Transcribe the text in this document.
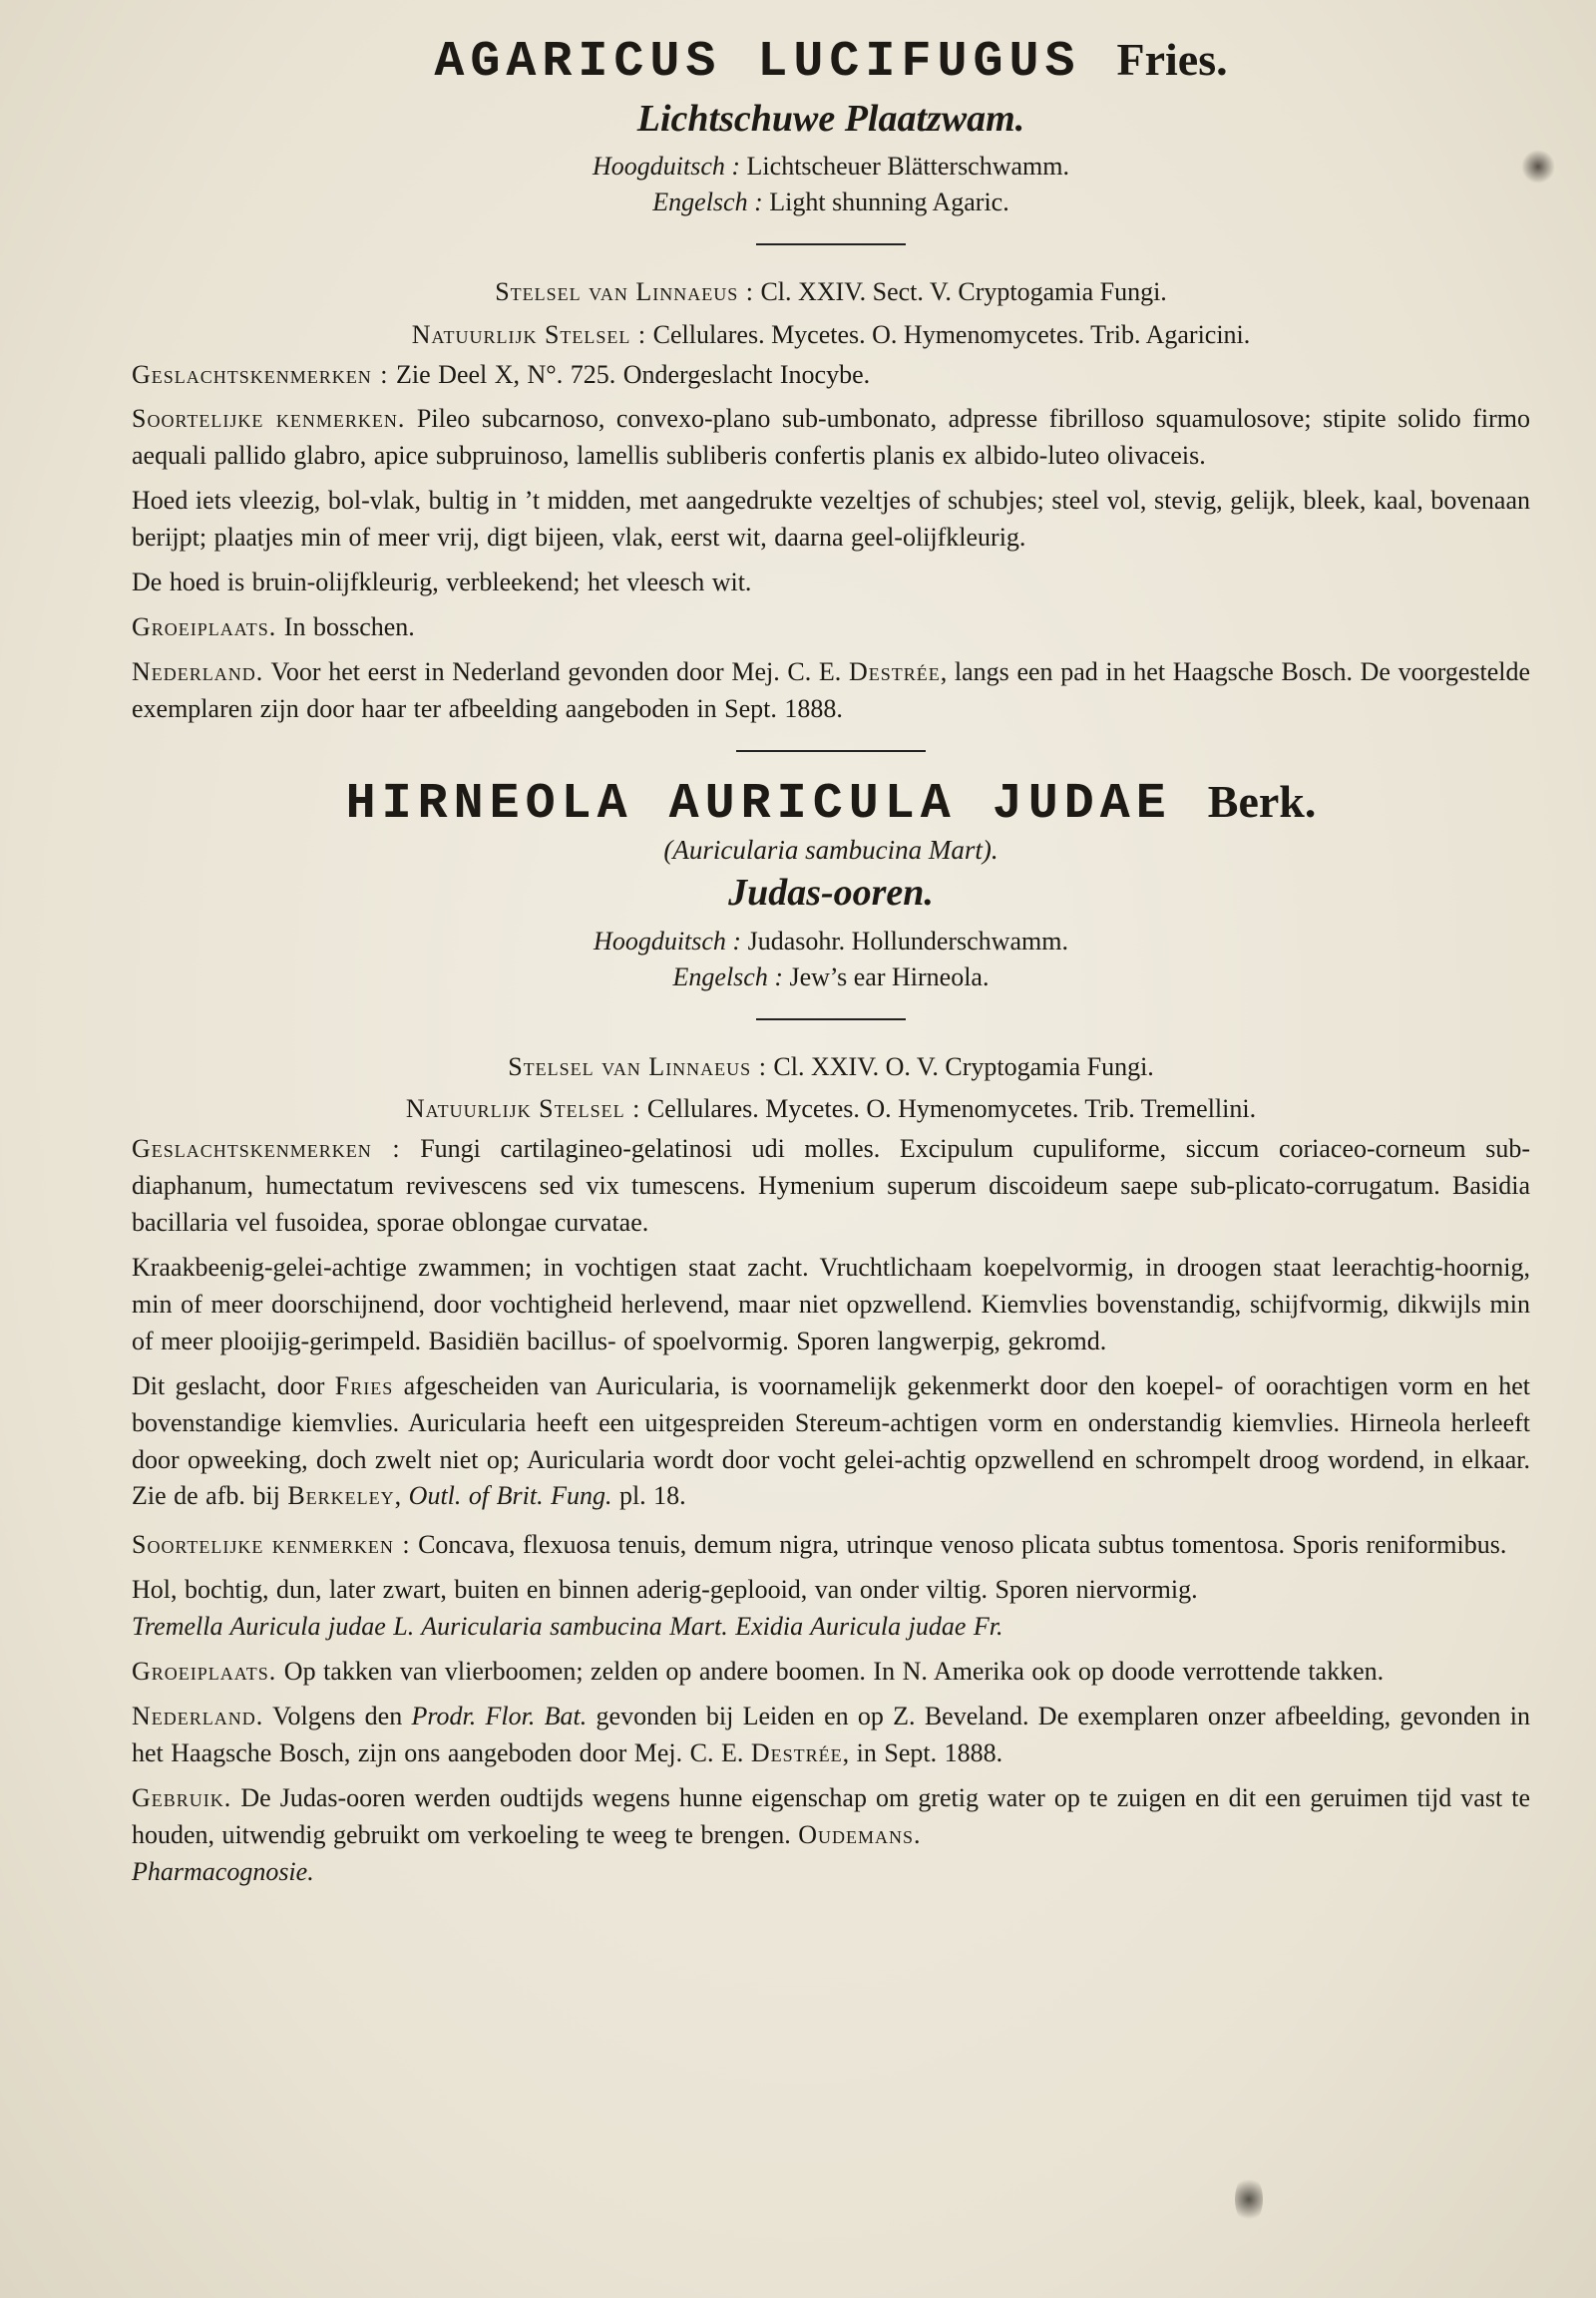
AGARICUS LUCIFUGUS Fries.
Lichtschuwe Plaatzwam.
Hoogduitsch : Lichtscheuer Blätterschwamm.
Engelsch : Light shunning Agaric.
Stelsel van Linnaeus : Cl. XXIV. Sect. V. Cryptogamia Fungi.
Natuurlijk Stelsel : Cellulares. Mycetes. O. Hymenomycetes. Trib. Agaricini.

Geslachtskenmerken : Zie Deel X, N°. 725. Ondergeslacht Inocybe.

Soortelijke kenmerken. Pileo subcarnoso, convexo-plano sub-umbonato, adpresse fibrilloso squamulosove; stipite solido firmo aequali pallido glabro, apice subpruinoso, lamellis subliberis confertis planis ex albido-luteo olivaceis.

Hoed iets vleezig, bol-vlak, bultig in ’t midden, met aangedrukte vezeltjes of schubjes; steel vol, stevig, gelijk, bleek, kaal, bovenaan berijpt; plaatjes min of meer vrij, digt bijeen, vlak, eerst wit, daarna geel-olijfkleurig.

De hoed is bruin-olijfkleurig, verbleekend; het vleesch wit.

Groeiplaats. In bosschen.

Nederland. Voor het eerst in Nederland gevonden door Mej. C. E. Destrée, langs een pad in het Haagsche Bosch. De voorgestelde exemplaren zijn door haar ter afbeelding aangeboden in Sept. 1888.

HIRNEOLA AURICULA JUDAE Berk.
(Auricularia sambucina Mart).
Judas-ooren.
Hoogduitsch : Judasohr. Hollunderschwamm.
Engelsch : Jew’s ear Hirneola.
Stelsel van Linnaeus : Cl. XXIV. O. V. Cryptogamia Fungi.
Natuurlijk Stelsel : Cellulares. Mycetes. O. Hymenomycetes. Trib. Tremellini.

Geslachtskenmerken : Fungi cartilagineo-gelatinosi udi molles. Excipulum cupuliforme, siccum coriaceo-corneum sub-diaphanum, humectatum revivescens sed vix tumescens. Hymenium superum discoideum saepe sub-plicato-corrugatum. Basidia bacillaria vel fusoidea, sporae oblongae curvatae.

Kraakbeenig-gelei-achtige zwammen; in vochtigen staat zacht. Vruchtlichaam koepelvormig, in droogen staat leerachtig-hoornig, min of meer doorschijnend, door vochtigheid herlevend, maar niet opzwellend. Kiemvlies bovenstandig, schijfvormig, dikwijls min of meer plooijig-gerimpeld. Basidiën bacillus- of spoelvormig. Sporen langwerpig, gekromd.

Dit geslacht, door Fries afgescheiden van Auricularia, is voornamelijk gekenmerkt door den koepel- of oorachtigen vorm en het bovenstandige kiemvlies. Auricularia heeft een uitgespreiden Stereum-achtigen vorm en onderstandig kiemvlies. Hirneola herleeft door opweeking, doch zwelt niet op; Auricularia wordt door vocht gelei-achtig opzwellend en schrompelt droog wordend, in elkaar. Zie de afb. bij Berkeley, Outl. of Brit. Fung. pl. 18.

Soortelijke kenmerken : Concava, flexuosa tenuis, demum nigra, utrinque venoso plicata subtus tomentosa. Sporis reniformibus.

Hol, bochtig, dun, later zwart, buiten en binnen aderig-geplooid, van onder viltig. Sporen niervormig.
Tremella Auricula judae L. Auricularia sambucina Mart. Exidia Auricula judae Fr.

Groeiplaats. Op takken van vlierboomen; zelden op andere boomen. In N. Amerika ook op doode verrottende takken.

Nederland. Volgens den Prodr. Flor. Bat. gevonden bij Leiden en op Z. Beveland. De exemplaren onzer afbeelding, gevonden in het Haagsche Bosch, zijn ons aangeboden door Mej. C. E. Destrée, in Sept. 1888.

Gebruik. De Judas-ooren werden oudtijds wegens hunne eigenschap om gretig water op te zuigen en dit een geruimen tijd vast te houden, uitwendig gebruikt om verkoeling te weeg te brengen. Oudemans.
Pharmacognosie.
